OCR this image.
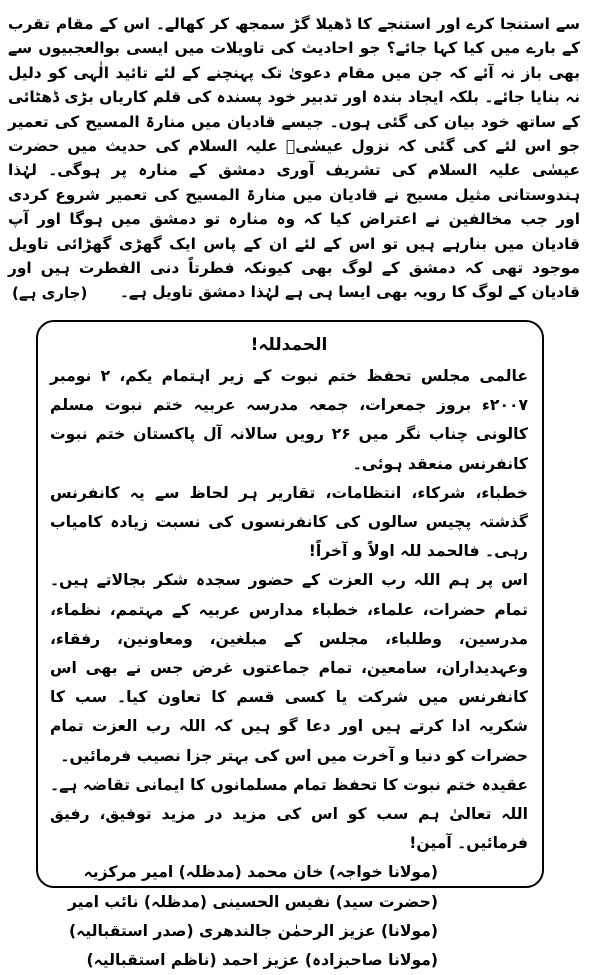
سے استنجا کرے اور استنجے کا ڈھیلا گڑ سمجھ کر کھالے۔ اس کے مقام تقرب کے بارے میں کیا کہا جائے؟ جو احادیث کی تاویلات میں ایسی بوالعجبیوں سے بھی باز نہ آئے کہ جن میں مقام دعویٰ تک پہنچنے کے لئے تائید الٰہی کو دلیل نہ بنایا جائے۔ بلکہ ایجاد بندہ اور تدبیر خود پسندہ کی قلم کاریاں بڑی ڈھٹائی کے ساتھ خود بیان کی گئی ہوں۔ جیسے قادیان میں منارۃ المسیح کی تعمیر جو اس لئے کی گئی کہ نزول عیسٰیؑ علیہ السلام کی حدیث میں حضرت عیسٰی علیہ السلام کی تشریف آوری دمشق کے منارہ پر ہوگی۔ لہٰذا ہندوستانی مثیل مسیح نے قادیان میں منارۃ المسیح کی تعمیر شروع کردی اور جب مخالفین نے اعتراض کیا کہ وہ منارہ تو دمشق میں ہوگا اور آپ قادیان میں بنارہے ہیں تو اس کے لئے ان کے پاس ایک گھڑی گھڑائی تاویل موجود تھی کہ دمشق کے لوگ بھی کیونکہ فطرتاً دنی الفطرت ہیں اور قادیان کے لوگ کا رویہ بھی ایسا ہی ہے لہٰذا دمشق تاویل ہے۔

(جاری ہے)
الحمدللہ!

عالمی مجلس تحفظ ختم نبوت کے زیر اہتمام یکم، ۲ نومبر ۲۰۰۷ء بروز جمعرات، جمعہ مدرسہ عربیہ ختم نبوت مسلم کالونی چناب نگر میں ۲۶ رویں سالانہ آل پاکستان ختم نبوت کانفرنس منعقد ہوئی۔

خطباء، شرکاء، انتظامات، تقاریر ہر لحاظ سے یہ کانفرنس گذشتہ پچیس سالوں کی کانفرنسوں کی نسبت زیادہ کامیاب رہی۔ فالحمد للہ اولاً و آخراً!

اس پر ہم اللہ رب العزت کے حضور سجدہ شکر بجالاتے ہیں۔ تمام حضرات، علماء، خطباء مدارس عربیہ کے مہتمم، نظماء، مدرسین، وطلباء، مجلس کے مبلغین، ومعاونین، رفقاء، وعہدیداران، سامعین، تمام جماعتوں غرض جس نے بھی اس کانفرنس میں شرکت یا کسی قسم کا تعاون کیا۔ سب کا شکریہ ادا کرتے ہیں اور دعا گو ہیں کہ اللہ رب العزت تمام حضرات کو دنیا و آخرت میں اس کی بہتر جزا نصیب فرمائیں۔

عقیدہ ختم نبوت کا تحفظ تمام مسلمانوں کا ایمانی تقاضہ ہے۔ اللہ تعالیٰ ہم سب کو اس کی مزید در مزید توفیق، رفیق فرمائیں۔ آمین!

(مولانا خواجہ) خان محمد (مدظلہ) امیر مرکزیہ

(حضرت سید) نفیس الحسینی (مدظلہ) نائب امیر

(مولانا) عزیز الرحمٰن جالندھری (صدر استقبالیہ)

(مولانا صاحبزادہ) عزیز احمد (ناظم استقبالیہ)
